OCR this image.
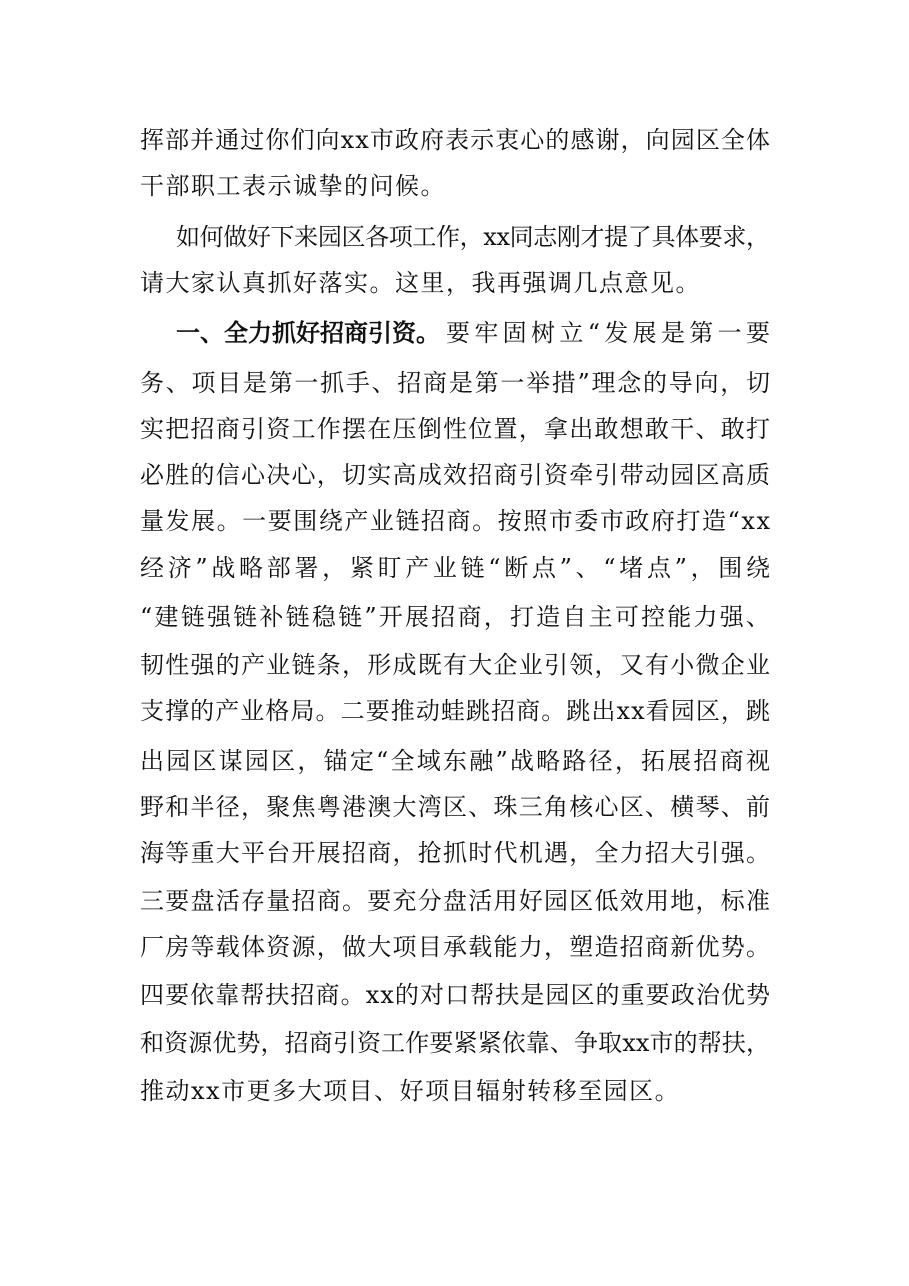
挥部并通过你们向xx市政府表示衷心的感谢，向园区全体
干部职工表示诚挚的问候。
如何做好下来园区各项工作，xx同志刚才提了具体要求，
请大家认真抓好落实。这里，我再强调几点意见。
一、全力抓好招商引资。 要牢固树立“发展是第一要
务、项目是第一抓手、招商是第一举措”理念的导向，切
实把招商引资工作摆在压倒性位置，拿出敢想敢干、敢打
必胜的信心决心，切实高成效招商引资牵引带动园区高质
量发展。一要围绕产业链招商。按照市委市政府打造“xx
经济”战略部署，紧盯产业链“断点”、“堵点”，围绕
“建链强链补链稳链”开展招商，打造自主可控能力强、
韧性强的产业链条，形成既有大企业引领，又有小微企业
支撑的产业格局。二要推动蛙跳招商。跳出xx看园区，跳
出园区谋园区，锚定“全域东融”战略路径，拓展招商视
野和半径，聚焦粤港澳大湾区、珠三角核心区、横琴、前
海等重大平台开展招商，抢抓时代机遇，全力招大引强。
三要盘活存量招商。要充分盘活用好园区低效用地，标准
厂房等载体资源，做大项目承载能力，塑造招商新优势。
四要依靠帮扶招商。xx的对口帮扶是园区的重要政治优势
和资源优势，招商引资工作要紧紧依靠、争取xx市的帮扶，
推动xx市更多大项目、好项目辐射转移至园区。
